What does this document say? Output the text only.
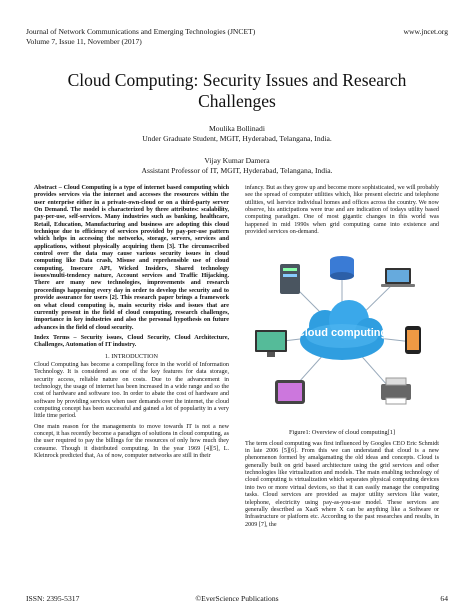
Journal of Network Communications and Emerging Technologies (JNCET)	www.jncet.org
Volume 7, Issue 11, November (2017)
Cloud Computing: Security Issues and Research
Challenges
Moulika Bollinadi
Under Graduate Student, MGIT, Hyderabad, Telangana, India.
Vijay Kumar Damera
Assistant Professor of IT, MGIT, Hyderabad, Telangana, India.

Abstract – Cloud Computing is a type of internet based computing which provides services via the internet and accesses the resources within the user enterprise either in a private-own-cloud or on a third-party server On Demand. The model is characterized by three attributes: scalability, pay-per-use, self-services. Many industries such as banking, healthcare, Retail, Education, Manufacturing and business are adopting this cloud technique due to efficiency of services provided by pay-per-use pattern which helps in accessing the networks, storage, servers, services and applications, without physically acquiring them [3]. The circumscribed control over the data may cause various security issues in cloud computing like Data crash, Misuse and reprehensible use of cloud computing, Insecure API, Wicked Insiders, Shared technology issues/multi-tendency nature, Account services and Traffic Hijacking. There are many new technologies, improvements and research proceedings happening every day in order to develop the security and to provide assurance for users [2]. This research paper brings a framework on what cloud computing is, main security risks and issues that are currently present in the field of cloud computing, research challenges, importance in key industries and also the personal hypothesis on future advances in the field of cloud security.

Index Terms – Security issues, Cloud Security, Cloud Architecture, Challenges, Automation of IT industry.

1. INTRODUCTION

Cloud Computing has become a compelling force in the world of Information Technology. It is considered as one of the key features for data storage, security access, reliable nature on costs. Due to the advancement in technology, the usage of internet has been increased in a wide range and so the cost of hardware and software too. In order to abate the cost of hardware and software by providing services when user demands over the internet, the cloud computing concept has been successful and gained a lot of popularity in a very little time period.

One main reason for the managements to move towards IT is not a new concept, it has recently become a paradigm of solutions in cloud computing, as the user required to pay the billings for the resources of only how much they consume. Though it distributed computing. In the year 1969 [4][5], L. Kleinrock predicted that, As of now, computer networks are still in their

infancy. But as they grow up and become more sophisticated, we will probably see the spread of computer utilities which, like present electric and telephone utilities, wil lservice individual homes and offices across the country. We now observe, his anticipations were true and are indication of todays utility based computing paradigm. One of most gigantic changes in this world was happened in mid 1990s when grid computing came into existence and provided services on-demand.

Cloud computing
Figure1: Overview of cloud computing[1]

The term cloud computing was first influenced by Googles CEO Eric Schmidt in late 2006 [5][6]. From this we can understand that cloud is a new phenomenon formed by amalgamating the old ideas and concepts. Cloud is generally built on grid based architecture using the grid services and other technologies like virtualization and models. The main enabling technology of cloud computing is virtualization which separates physical computing devices into two or more virtual devices, so that it can easily manage the computing tasks. Cloud services are provided as major utility services like water, telephone, electricity using pay-as-you-use model. These services are generally described as XaaS where X can be anything like a Software or Infrastructure or platform etc. According to the past researches and results, in 2009 [7], the

ISSN: 2395-5317	©EverScience Publications	64
